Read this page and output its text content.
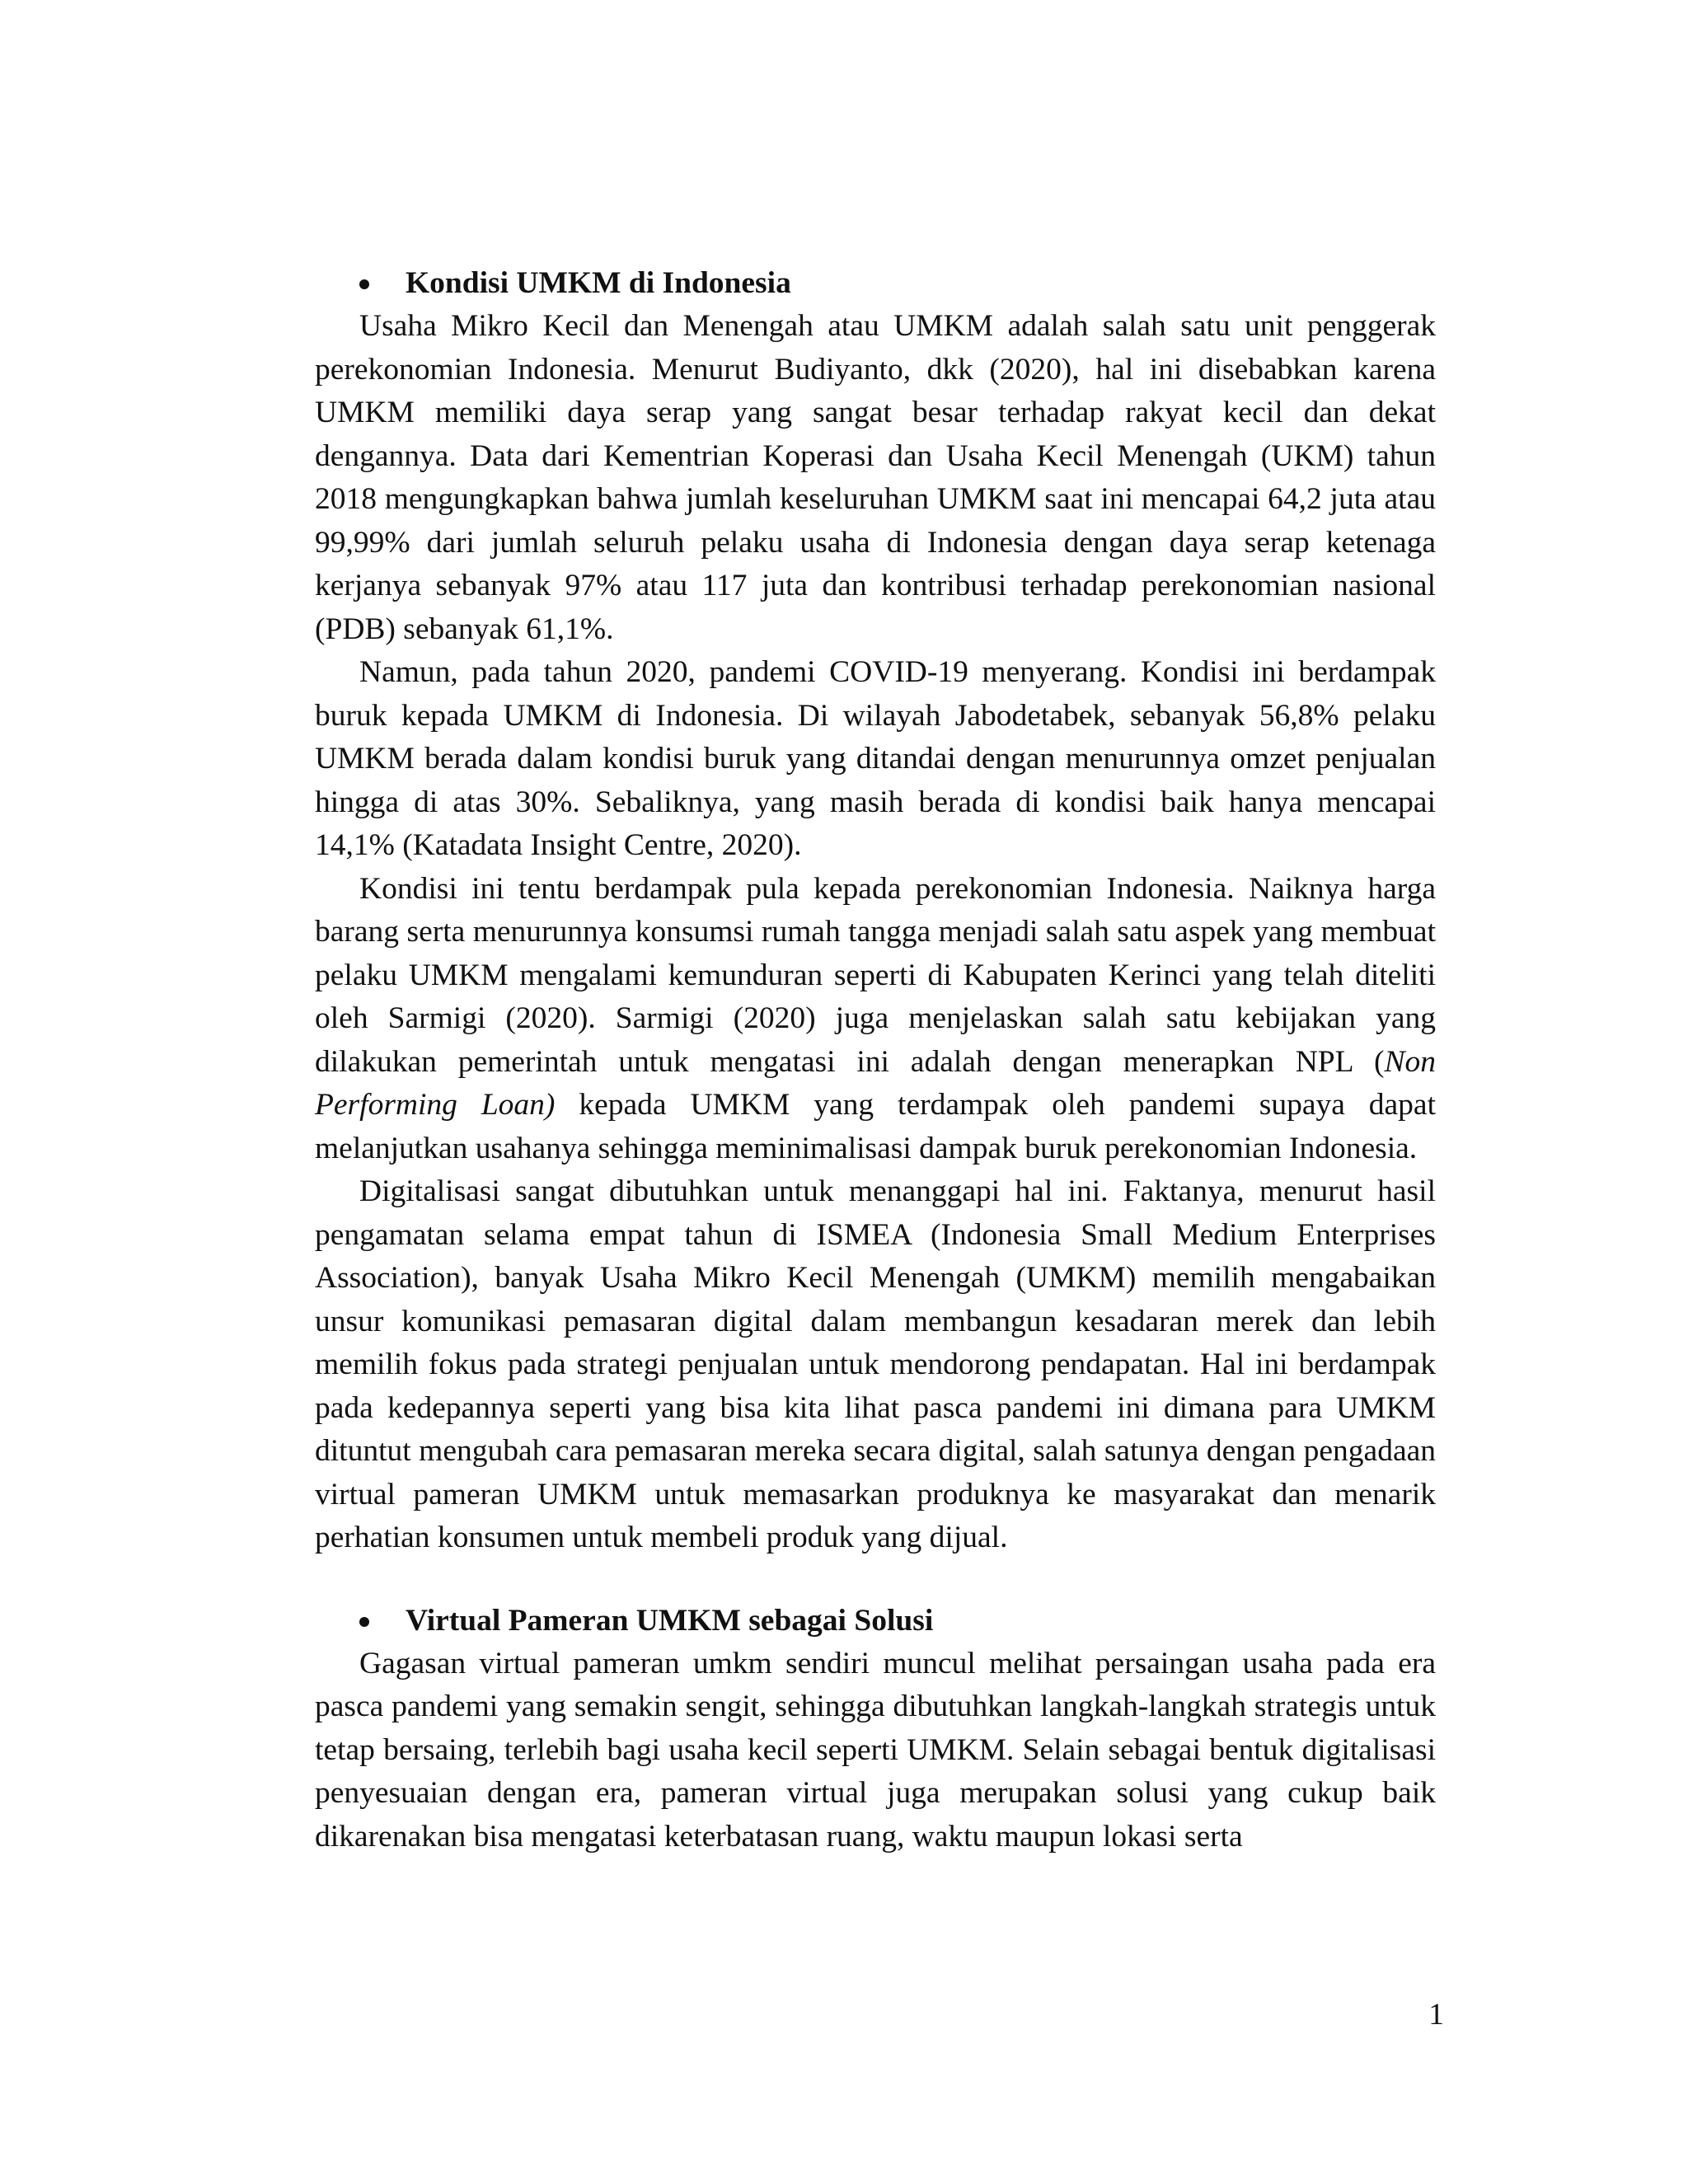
Kondisi UMKM di Indonesia

Usaha Mikro Kecil dan Menengah atau UMKM adalah salah satu unit penggerak perekonomian Indonesia. Menurut Budiyanto, dkk (2020), hal ini disebabkan karena UMKM memiliki daya serap yang sangat besar terhadap rakyat kecil dan dekat dengannya. Data dari Kementrian Koperasi dan Usaha Kecil Menengah (UKM) tahun 2018 mengungkapkan bahwa jumlah keseluruhan UMKM saat ini mencapai 64,2 juta atau 99,99% dari jumlah seluruh pelaku usaha di Indonesia dengan daya serap ketenaga kerjanya sebanyak 97% atau 117 juta dan kontribusi terhadap perekonomian nasional (PDB) sebanyak 61,1%.

Namun, pada tahun 2020, pandemi COVID-19 menyerang. Kondisi ini berdampak buruk kepada UMKM di Indonesia. Di wilayah Jabodetabek, sebanyak 56,8% pelaku UMKM berada dalam kondisi buruk yang ditandai dengan menurunnya omzet penjualan hingga di atas 30%. Sebaliknya, yang masih berada di kondisi baik hanya mencapai 14,1% (Katadata Insight Centre, 2020).

Kondisi ini tentu berdampak pula kepada perekonomian Indonesia. Naiknya harga barang serta menurunnya konsumsi rumah tangga menjadi salah satu aspek yang membuat pelaku UMKM mengalami kemunduran seperti di Kabupaten Kerinci yang telah diteliti oleh Sarmigi (2020). Sarmigi (2020) juga menjelaskan salah satu kebijakan yang dilakukan pemerintah untuk mengatasi ini adalah dengan menerapkan NPL (Non Performing Loan) kepada UMKM yang terdampak oleh pandemi supaya dapat melanjutkan usahanya sehingga meminimalisasi dampak buruk perekonomian Indonesia.

Digitalisasi sangat dibutuhkan untuk menanggapi hal ini. Faktanya, menurut hasil pengamatan selama empat tahun di ISMEA (Indonesia Small Medium Enterprises Association), banyak Usaha Mikro Kecil Menengah (UMKM) memilih mengabaikan unsur komunikasi pemasaran digital dalam membangun kesadaran merek dan lebih memilih fokus pada strategi penjualan untuk mendorong pendapatan. Hal ini berdampak pada kedepannya seperti yang bisa kita lihat pasca pandemi ini dimana para UMKM dituntut mengubah cara pemasaran mereka secara digital, salah satunya dengan pengadaan virtual pameran UMKM untuk memasarkan produknya ke masyarakat dan menarik perhatian konsumen untuk membeli produk yang dijual.

Virtual Pameran UMKM sebagai Solusi

Gagasan virtual pameran umkm sendiri muncul melihat persaingan usaha pada era pasca pandemi yang semakin sengit, sehingga dibutuhkan langkah-langkah strategis untuk tetap bersaing, terlebih bagi usaha kecil seperti UMKM. Selain sebagai bentuk digitalisasi penyesuaian dengan era, pameran virtual juga merupakan solusi yang cukup baik dikarenakan bisa mengatasi keterbatasan ruang, waktu maupun lokasi serta

1
